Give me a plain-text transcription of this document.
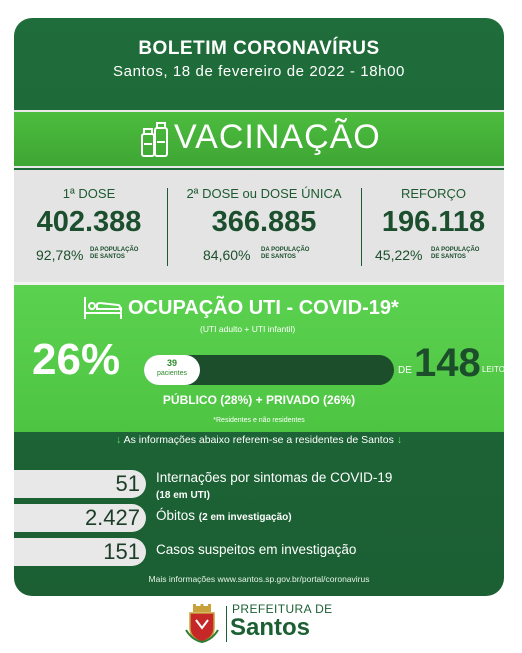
BOLETIM CORONAVÍRUS
Santos, 18 de fevereiro de 2022 - 18h00
VACINAÇÃO
1ª DOSE
402.388
92,78% DA POPULAÇÃO
DE SANTOS
2ª DOSE ou DOSE ÚNICA
366.885
84,60% DA POPULAÇÃO
DE SANTOS
REFORÇO
196.118
45,22% DA POPULAÇÃO
DE SANTOS
OCUPAÇÃO UTI - COVID-19*
(UTI adulto + UTI infantil)
26%	39
pacientes	DE 148 LEITOS
PÚBLICO (28%) + PRIVADO (26%)
*Residentes e não residentes
↓ As informações abaixo referem-se a residentes de Santos ↓
51 Internações por sintomas de COVID-19
(18 em UTI)
2.427 Óbitos (2 em investigação)
151 Casos suspeitos em investigação
Mais informações www.santos.sp.gov.br/portal/coronavirus
PREFEITURA DE
Santos
